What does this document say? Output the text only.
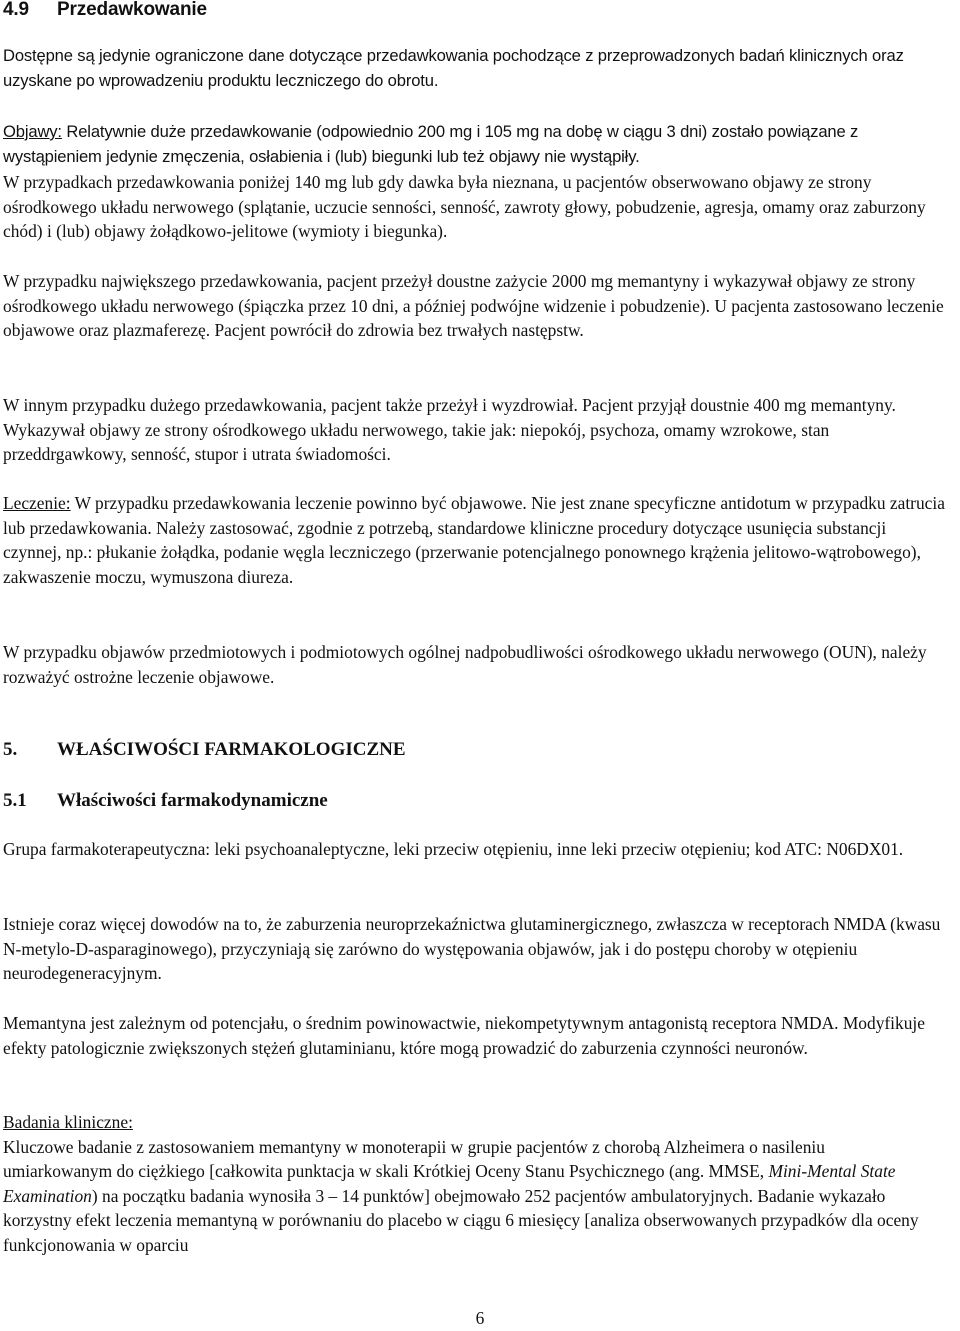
4.9 Przedawkowanie

Dostępne są jedynie ograniczone dane dotyczące przedawkowania pochodzące z przeprowadzonych badań klinicznych oraz uzyskane po wprowadzeniu produktu leczniczego do obrotu.

Objawy: Relatywnie duże przedawkowanie (odpowiednio 200 mg i 105 mg na dobę w ciągu 3 dni) zostało powiązane z wystąpieniem jedynie zmęczenia, osłabienia i (lub) biegunki lub też objawy nie wystąpiły.

W przypadkach przedawkowania poniżej 140 mg lub gdy dawka była nieznana, u pacjentów obserwowano objawy ze strony ośrodkowego układu nerwowego (splątanie, uczucie senności, senność, zawroty głowy, pobudzenie, agresja, omamy oraz zaburzony chód) i (lub) objawy żołądkowo-jelitowe (wymioty i biegunka).

W przypadku największego przedawkowania, pacjent przeżył doustne zażycie 2000 mg memantyny i wykazywał objawy ze strony ośrodkowego układu nerwowego (śpiączka przez 10 dni, a później podwójne widzenie i pobudzenie). U pacjenta zastosowano leczenie objawowe oraz plazmaferezę. Pacjent powrócił do zdrowia bez trwałych następstw.

W innym przypadku dużego przedawkowania, pacjent także przeżył i wyzdrowiał. Pacjent przyjął doustnie 400 mg memantyny. Wykazywał objawy ze strony ośrodkowego układu nerwowego, takie jak: niepokój, psychoza, omamy wzrokowe, stan przeddrgawkowy, senność, stupor i utrata świadomości.

Leczenie: W przypadku przedawkowania leczenie powinno być objawowe. Nie jest znane specyficzne antidotum w przypadku zatrucia lub przedawkowania. Należy zastosować, zgodnie z potrzebą, standardowe kliniczne procedury dotyczące usunięcia substancji czynnej, np.: płukanie żołądka, podanie węgla leczniczego (przerwanie potencjalnego ponownego krążenia jelitowo-wątrobowego), zakwaszenie moczu, wymuszona diureza.

W przypadku objawów przedmiotowych i podmiotowych ogólnej nadpobudliwości ośrodkowego układu nerwowego (OUN), należy rozważyć ostrożne leczenie objawowe.

5. WŁAŚCIWOŚCI FARMAKOLOGICZNE
5.1 Właściwości farmakodynamiczne

Grupa farmakoterapeutyczna: leki psychoanaleptyczne, leki przeciw otępieniu, inne leki przeciw otępieniu; kod ATC: N06DX01.

Istnieje coraz więcej dowodów na to, że zaburzenia neuroprzekaźnictwa glutaminergicznego, zwłaszcza w receptorach NMDA (kwasu N-metylo-D-asparaginowego), przyczyniają się zarówno do występowania objawów, jak i do postępu choroby w otępieniu neurodegeneracyjnym.

Memantyna jest zależnym od potencjału, o średnim powinowactwie, niekompetytywnym antagonistą receptora NMDA. Modyfikuje efekty patologicznie zwiększonych stężeń glutaminianu, które mogą prowadzić do zaburzenia czynności neuronów.

Badania kliniczne:
Kluczowe badanie z zastosowaniem memantyny w monoterapii w grupie pacjentów z chorobą Alzheimera o nasileniu umiarkowanym do ciężkiego [całkowita punktacja w skali Krótkiej Oceny Stanu Psychicznego (ang. MMSE, Mini-Mental State Examination) na początku badania wynosiła 3 – 14 punktów] obejmowało 252 pacjentów ambulatoryjnych. Badanie wykazało korzystny efekt leczenia memantyną w porównaniu do placebo w ciągu 6 miesięcy [analiza obserwowanych przypadków dla oceny funkcjonowania w oparciu
6
